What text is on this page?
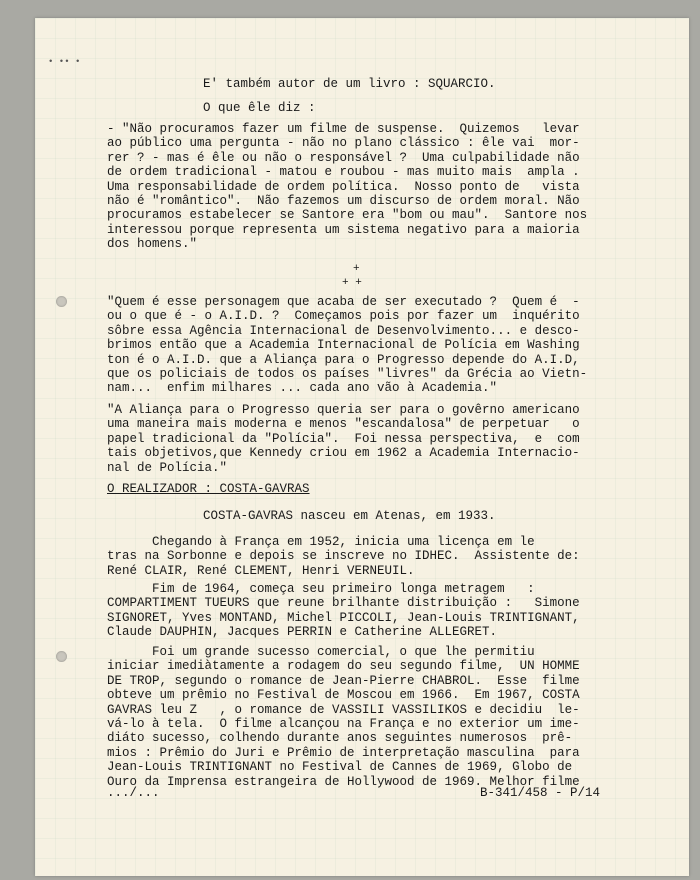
• •• •
E' também autor de um livro : SQUARCIO.
O que êle diz :
- "Não procuramos fazer um filme de suspense.  Quizemos   levar
ao público uma pergunta - não no plano clássico : êle vai  mor-
rer ? - mas é êle ou não o responsável ?  Uma culpabilidade não
de ordem tradicional - matou e roubou - mas muito mais  ampla .
Uma responsabilidade de ordem política.  Nosso ponto de   vista
não é "romântico".  Não fazemos um discurso de ordem moral. Não
procuramos estabelecer se Santore era "bom ou mau".  Santore nos
interessou porque representa um sistema negativo para a maioria
dos homens."
+
+ +
"Quem é esse personagem que acaba de ser executado ?  Quem é  -
ou o que é - o A.I.D. ?  Começamos pois por fazer um  inquérito
sôbre essa Agência Internacional de Desenvolvimento... e desco-
brimos então que a Academia Internacional de Polícia em Washing
ton é o A.I.D. que a Aliança para o Progresso depende do A.I.D,
que os policiais de todos os países "livres" da Grécia ao Vietn-
nam...  enfim milhares ... cada ano vão à Academia."
"A Aliança para o Progresso queria ser para o govêrno americano
uma maneira mais moderna e menos "escandalosa" de perpetuar   o
papel tradicional da "Polícia".  Foi nessa perspectiva,  e  com
tais objetivos,que Kennedy criou em 1962 a Academia Internacio-
nal de Polícia."
O REALIZADOR : COSTA-GAVRAS
COSTA-GAVRAS nasceu em Atenas, em 1933.
Chegando à França em 1952, inicia uma licença em le
tras na Sorbonne e depois se inscreve no IDHEC.  Assistente de:
René CLAIR, René CLEMENT, Henri VERNEUIL.
Fim de 1964, começa seu primeiro longa metragem   :
COMPARTIMENT TUEURS que reune brilhante distribuição :   Simone
SIGNORET, Yves MONTAND, Michel PICCOLI, Jean-Louis TRINTIGNANT,
Claude DAUPHIN, Jacques PERRIN e Catherine ALLEGRET.
Foi um grande sucesso comercial, o que lhe permitiu
iniciar imediàtamente a rodagem do seu segundo filme,  UN HOMME
DE TROP, segundo o romance de Jean-Pierre CHABROL.  Esse  filme
obteve um prêmio no Festival de Moscou em 1966.  Em 1967, COSTA
GAVRAS leu Z   , o romance de VASSILI VASSILIKOS e decidiu  le-
vá-lo à tela.  O filme alcançou na França e no exterior um ime-
diáto sucesso, colhendo durante anos seguintes numerosos  prê-
mios : Prêmio do Juri e Prêmio de interpretação masculina  para
Jean-Louis TRINTIGNANT no Festival de Cannes de 1969, Globo de
Ouro da Imprensa estrangeira de Hollywood de 1969. Melhor filme
.../...	B-341/458 - P/14
